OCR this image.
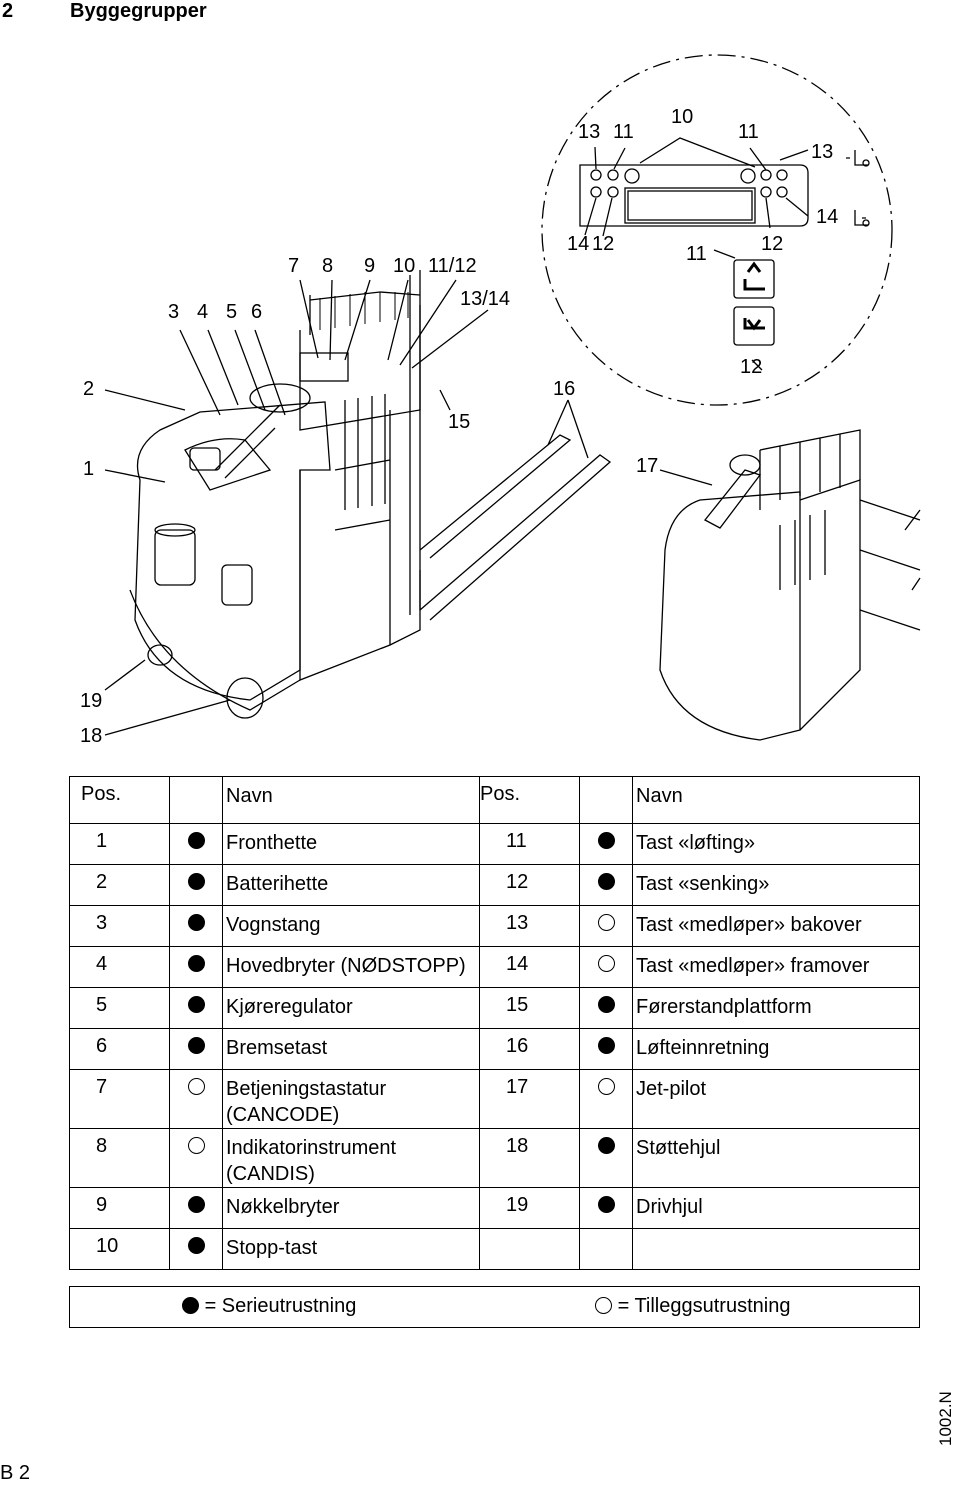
2	Byggegrupper
2
1
3 4 5 6
7 8 9 10 11/12
13/14
15
16
17
18
19
10
13 11	11
13
14
14 12	11	12
12
Pos.		Navn	Pos.		Navn
1		Fronthette	11		Tast «løfting»
2		Batterihette	12		Tast «senking»
3		Vognstang	13		Tast «medløper» bakover
4		Hovedbryter (NØDSTOPP)	14		Tast «medløper» framover
5		Kjøreregulator	15		Førerstandplattform
6		Bremsetast	16		Løfteinnretning
7		Betjeningstastatur (CANCODE)	17		Jet-pilot
8		Indikatorinstrument (CANDIS)	18		Støttehjul
9		Nøkkelbryter	19		Drivhjul
10		Stopp-tast			
= Serieutrustning	= Tilleggsutrustning
1002.N
B 2
